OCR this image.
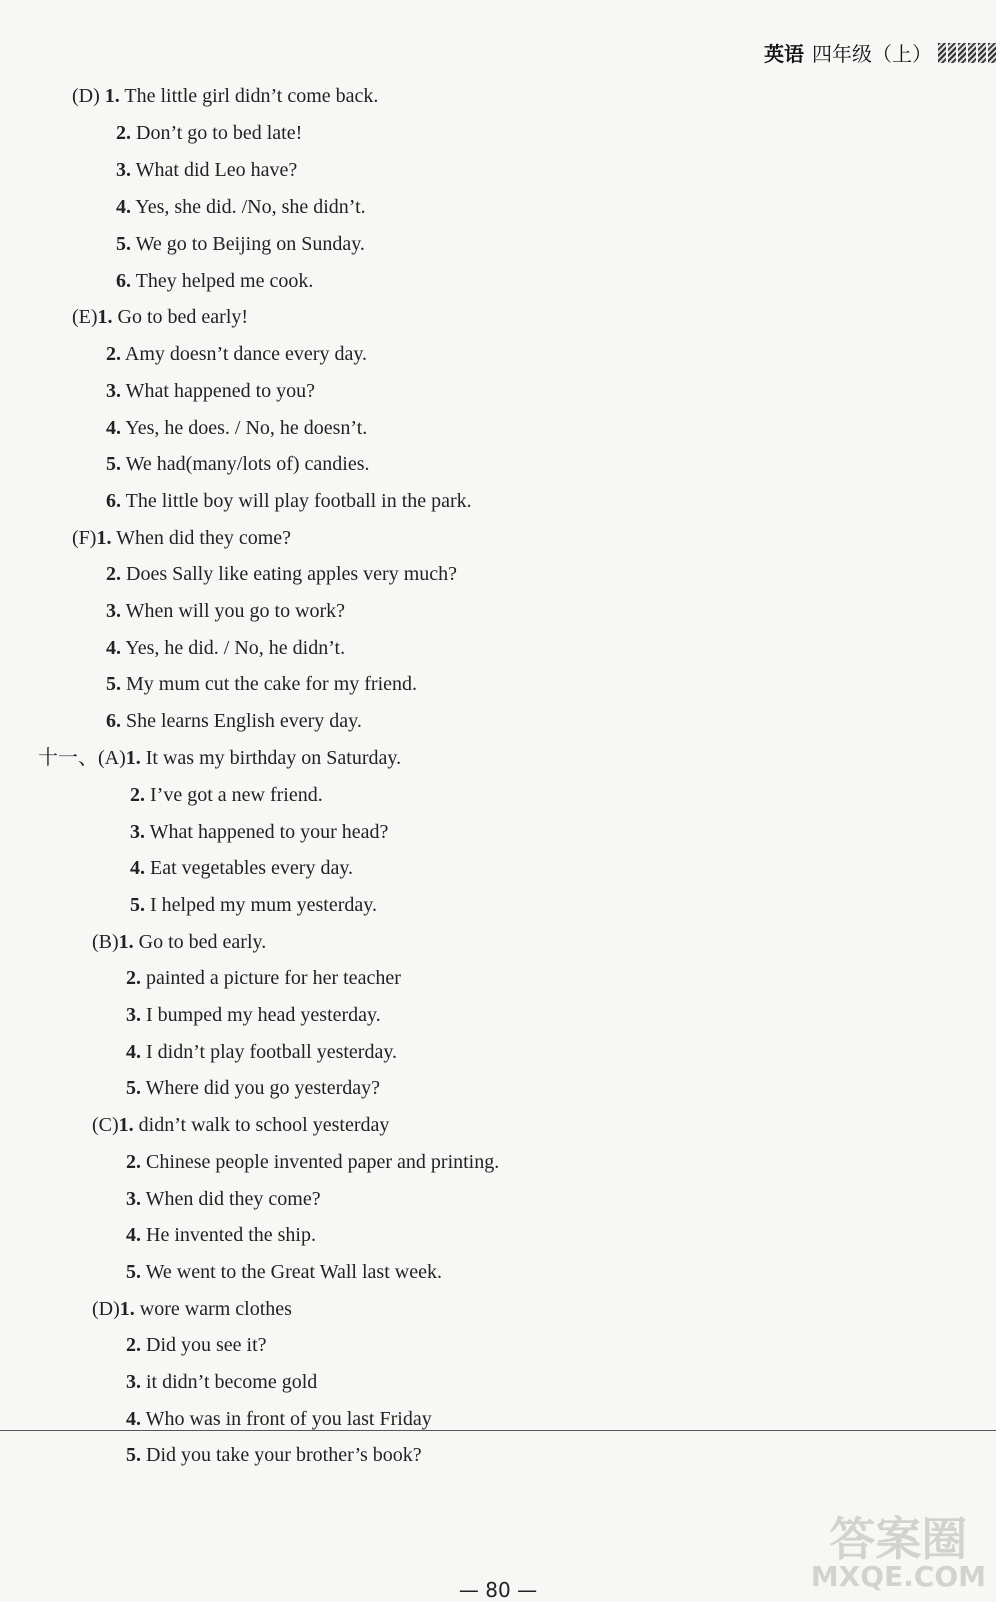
英语 四年级（上）
(D) 1. The little girl didn’t come back.
2. Don’t go to bed late!
3. What did Leo have?
4. Yes, she did. /No, she didn’t.
5. We go to Beijing on Sunday.
6. They helped me cook.
(E)1. Go to bed early!
2. Amy doesn’t dance every day.
3. What happened to you?
4. Yes, he does. / No, he doesn’t.
5. We had(many/lots of) candies.
6. The little boy will play football in the park.
(F)1. When did they come?
2. Does Sally like eating apples very much?
3. When will you go to work?
4. Yes, he did. / No, he didn’t.
5. My mum cut the cake for my friend.
6. She learns English every day.
十一、(A)1. It was my birthday on Saturday.
2. I’ve got a new friend.
3. What happened to your head?
4. Eat vegetables every day.
5. I helped my mum yesterday.
(B)1. Go to bed early.
2. painted a picture for her teacher
3. I bumped my head yesterday.
4. I didn’t play football yesterday.
5. Where did you go yesterday?
(C)1. didn’t walk to school yesterday
2. Chinese people invented paper and printing.
3. When did they come?
4. He invented the ship.
5. We went to the Great Wall last week.
(D)1. wore warm clothes
2. Did you see it?
3. it didn’t become gold
4. Who was in front of you last Friday
5. Did you take your brother’s book?
— 80 —
答案圈
MXQE.COM
